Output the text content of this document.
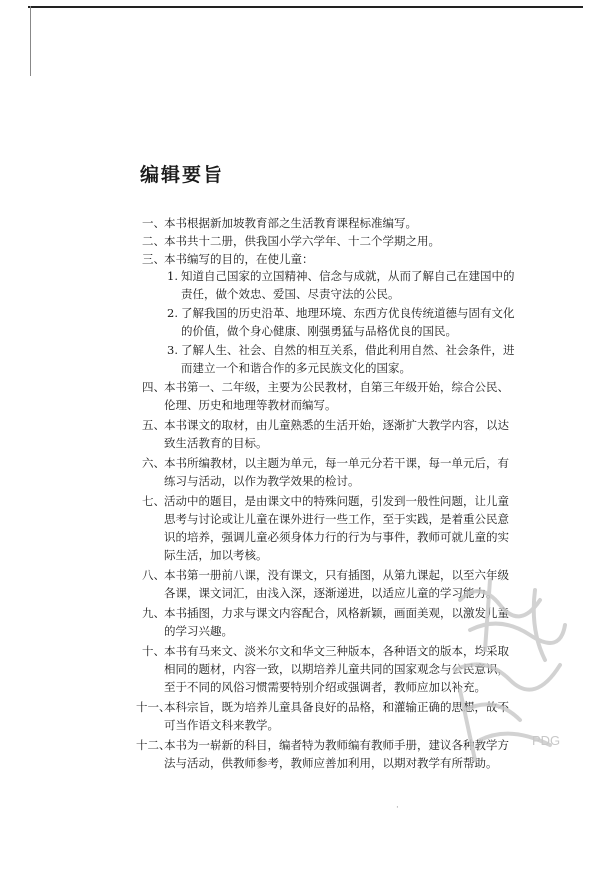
编辑要旨
一、 本书根据新加坡教育部之生活教育课程标准编写。
二、 本书共十二册，供我国小学六学年、十二个学期之用。
三、 本书编写的目的，在使儿童：
1. 知道自己国家的立国精神、信念与成就，从而了解自己在建国中的
责任，做个效忠、爱国、尽责守法的公民。
2. 了解我国的历史沿革、地理环境、东西方优良传统道德与固有文化
的价值，做个身心健康、刚强勇猛与品格优良的国民。
3. 了解人生、社会、自然的相互关系，借此利用自然、社会条件，进
而建立一个和谐合作的多元民族文化的国家。
四、 本书第一、二年级，主要为公民教材，自第三年级开始，综合公民、
伦理、历史和地理等教材而编写。
五、 本书课文的取材，由儿童熟悉的生活开始，逐渐扩大教学内容，以达
致生活教育的目标。
六、 本书所编教材，以主题为单元，每一单元分若干课，每一单元后，有
练习与活动，以作为教学效果的检讨。
七、 活动中的题目，是由课文中的特殊问题，引发到一般性问题，让儿童
思考与讨论或让儿童在课外进行一些工作，至于实践，是着重公民意
识的培养，强调儿童必须身体力行的行为与事件，教师可就儿童的实
际生活，加以考核。
八、 本书第一册前八课，没有课文，只有插图，从第九课起，以至六年级
各课，课文词汇，由浅入深，逐渐递进，以适应儿童的学习能力。
九、 本书插图，力求与课文内容配合，风格新颖，画面美观，以激发儿童
的学习兴趣。
十、 本书有马来文、淡米尔文和华文三种版本，各种语文的版本，均采取
相同的题材，内容一致，以期培养儿童共同的国家观念与公民意识，
至于不同的风俗习惯需要特别介绍或强调者，教师应加以补充。
十一、
本科宗旨，既为培养儿童具备良好的品格，和灌输正确的思想，故不
可当作语文科来教学。
十二、
本书为一崭新的科目，编者特为教师编有教师手册，建议各种教学方
法与活动，供教师参考，教师应善加利用，以期对教学有所帮助。
PDG
·
